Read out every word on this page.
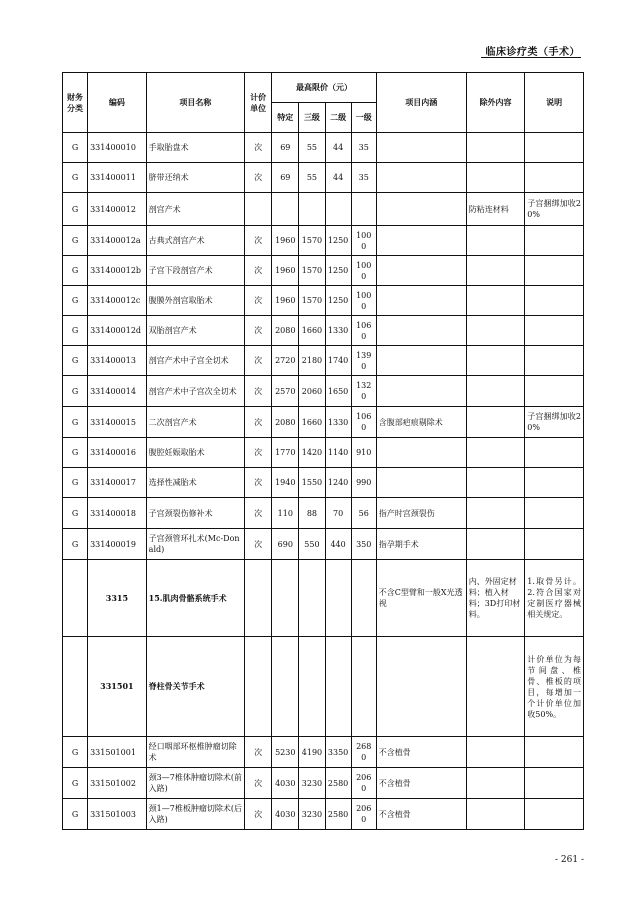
临床诊疗类（手术）
财务分类	编码	项目名称	计价单位	最高限价（元）				项目内涵	除外内容	说明
				特定	三级	二级	一级			
G	331400010	手取胎盘术	次	69	55	44	35			
G	331400011	脐带还纳术	次	69	55	44	35			
G	331400012	剖宫产术							防粘连材料	子宫捆绑加收20%
G	331400012a	古典式剖宫产术	次	1960	1570	1250	1000			
G	331400012b	子宫下段剖宫产术	次	1960	1570	1250	1000			
G	331400012c	腹膜外剖宫取胎术	次	1960	1570	1250	1000			
G	331400012d	双胎剖宫产术	次	2080	1660	1330	1060			
G	331400013	剖宫产术中子宫全切术	次	2720	2180	1740	1390			
G	331400014	剖宫产术中子宫次全切术	次	2570	2060	1650	1320			
G	331400015	二次剖宫产术	次	2080	1660	1330	1060	含腹部疤痕剔除术		子宫捆绑加收20%
G	331400016	腹腔妊娠取胎术	次	1770	1420	1140	910			
G	331400017	选择性减胎术	次	1940	1550	1240	990			
G	331400018	子宫颈裂伤修补术	次	110	88	70	56	指产时宫颈裂伤		
G	331400019	子宫颈管环扎术(Mc-Donald)	次	690	550	440	350	指孕期手术		
	3315	15.肌肉骨骼系统手术						不含C型臂和一般X光透视	内、外固定材料；植入材料；3D打印材料。	1.取骨另计。2.符合国家对定制医疗器械相关规定。
	331501	脊柱骨关节手术								计价单位为每节间盘、椎骨、椎板的项目，每增加一个计价单位加收50%。
G	331501001	经口咽部环枢椎肿瘤切除术	次	5230	4190	3350	2680	不含植骨		
G	331501002	颈3—7椎体肿瘤切除术(前入路)	次	4030	3230	2580	2060	不含植骨		
G	331501003	颈1—7椎板肿瘤切除术(后入路)	次	4030	3230	2580	2060	不含植骨		
- 261 -
